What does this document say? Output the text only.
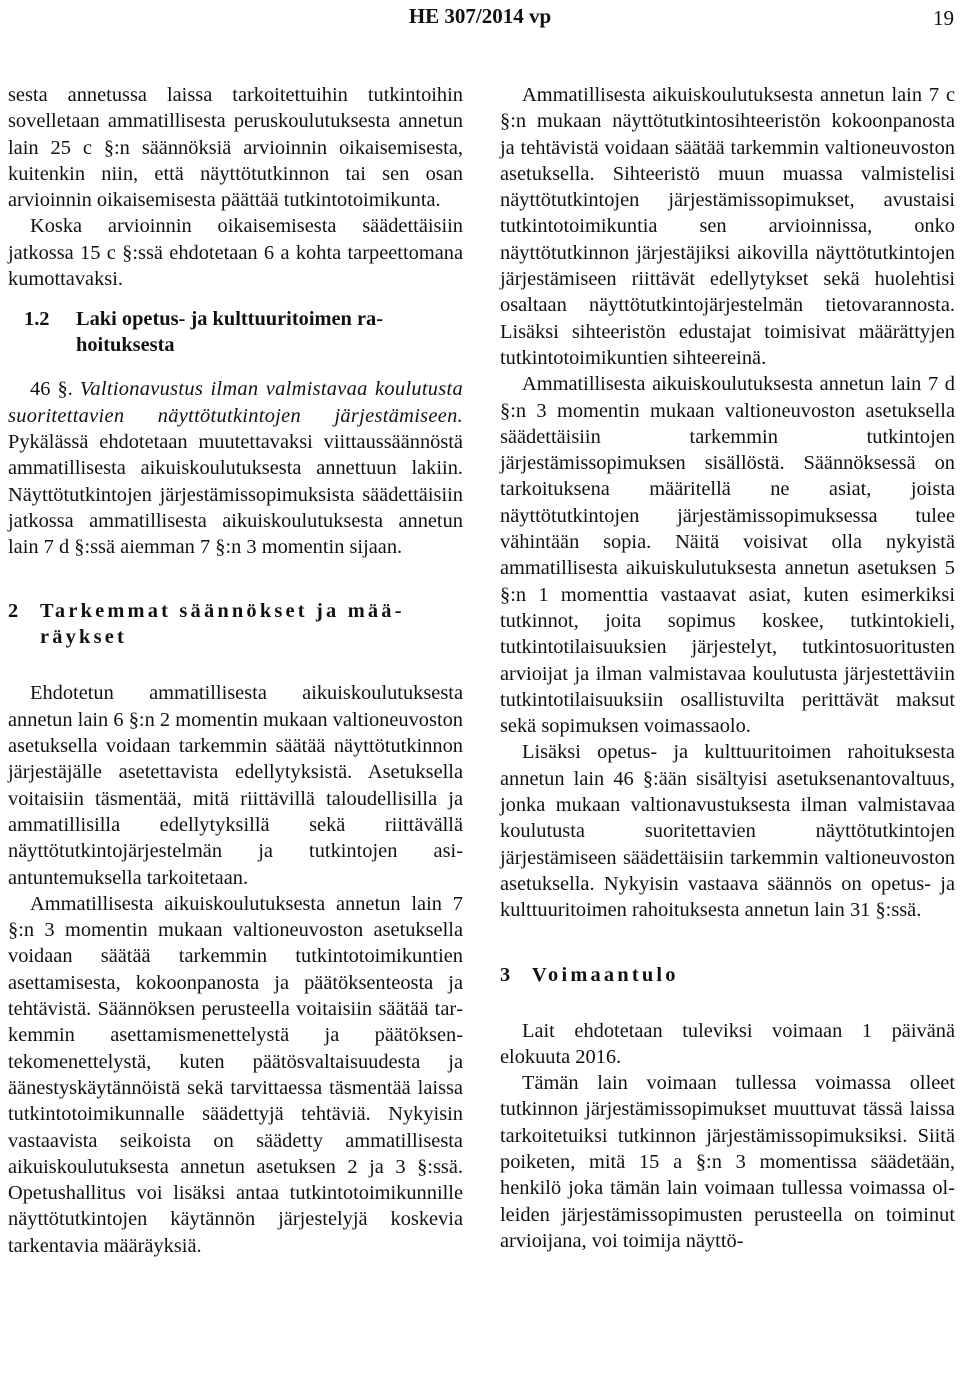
HE 307/2014 vp	19

sesta annetussa laissa tarkoitettuihin tutkintoihin sovelletaan ammatillisesta peruskoulutuksesta annetun lain 25 c §:n säännöksiä arvioinnin oikaisemisesta, kuitenkin niin, että näyttötutkinnon tai sen osan arvioinnin oikaisemisesta päättää tutkintotoimikunta.

Koska arvioinnin oikaisemisesta säädettäisiin jatkossa 15 c §:ssä ehdotetaan 6 a kohta tarpeettomana kumottavaksi.

1.2	Laki opetus- ja kulttuuritoimen rahoituksesta

46 §. Valtionavustus ilman valmistavaa koulutusta suoritettavien näyttötutkintojen järjestämiseen. Pykälässä ehdotetaan muutettavaksi viittaussäännöstä ammatillisesta aikuiskoulutuksesta annettuun lakiin. Näyttötutkintojen järjestämissopimuksista säädettäisiin jatkossa ammatillisesta aikuiskoulutuksesta annetun lain 7 d §:ssä aiemman 7 §:n 3 momentin sijaan.

2	Tarkemmat säännökset ja määräykset

Ehdotetun ammatillisesta aikuiskoulutuksesta annetun lain 6 §:n 2 momentin mukaan valtioneuvoston asetuksella voidaan tarkemmin säätää näyttötutkinnon järjestäjälle asetettavista edellytyksistä. Asetuksella voitaisiin täsmentää, mitä riittävillä taloudellisilla ja ammatillisilla edellytyksillä sekä riittävällä näyttötutkintojärjestelmän ja tutkintojen asiantuntemuksella tarkoitetaan.

Ammatillisesta aikuiskoulutuksesta annetun lain 7 §:n 3 momentin mukaan valtioneuvoston asetuksella voidaan säätää tarkemmin tutkintotoimikuntien asettamisesta, kokoonpanosta ja päätöksenteosta ja tehtävistä. Säännöksen perusteella voitaisiin säätää tarkemmin asettamismenettelystä ja päätöksentekomenettelystä, kuten päätösvaltaisuudesta ja äänestyskäytännöistä sekä tarvittaessa täsmentää laissa tutkintotoimikunnalle säädettyjä tehtäviä. Nykyisin vastaavista seikoista on säädetty ammatillisesta aikuiskoulutuksesta annetun asetuksen 2 ja 3 §:ssä. Opetushallitus voi lisäksi antaa tutkintotoimikunnille näyttötutkintojen käytännön järjestelyjä koskevia tarkentavia määräyksiä.

Ammatillisesta aikuiskoulutuksesta annetun lain 7 c §:n mukaan näyttötutkintosihteeristön kokoonpanosta ja tehtävistä voidaan säätää tarkemmin valtioneuvoston asetuksella. Sihteeristö muun muassa valmistelisi näyttötutkintojen järjestämissopimukset, avustaisi tutkintotoimikuntia sen arvioinnissa, onko näyttötutkinnon järjestäjiksi aikovilla näyttötutkintojen järjestämiseen riittävät edellytykset sekä huolehtisi osaltaan näyttötutkintojärjestelmän tietovarannosta. Lisäksi sihteeristön edustajat toimisivat määrättyjen tutkintotoimikuntien sihteereinä.

Ammatillisesta aikuiskoulutuksesta annetun lain 7 d §:n 3 momentin mukaan valtioneuvoston asetuksella säädettäisiin tarkemmin tutkintojen järjestämissopimuksen sisällöstä. Säännöksessä on tarkoituksena määritellä ne asiat, joista näyttötutkintojen järjestämissopimuksessa tulee vähintään sopia. Näitä voisivat olla nykyistä ammatillisesta aikuiskulutuksesta annetun asetuksen 5 §:n 1 momenttia vastaavat asiat, kuten esimerkiksi tutkinnot, joita sopimus koskee, tutkintokieli, tutkintotilaisuuksien järjestelyt, tutkintosuoritusten arvioijat ja ilman valmistavaa koulutusta järjestettäviin tutkintotilaisuuksiin osallistuvilta perittävät maksut sekä sopimuksen voimassaolo.

Lisäksi opetus- ja kulttuuritoimen rahoituksesta annetun lain 46 §:ään sisältyisi asetuksenantovaltuus, jonka mukaan valtionavustuksesta ilman valmistavaa koulutusta suoritettavien näyttötutkintojen järjestämiseen säädettäisiin tarkemmin valtioneuvoston asetuksella. Nykyisin vastaava säännös on opetus- ja kulttuuritoimen rahoituksesta annetun lain 31 §:ssä.

3	Voimaantulo

Lait ehdotetaan tuleviksi voimaan 1 päivänä elokuuta 2016.

Tämän lain voimaan tullessa voimassa olleet tutkinnon järjestämissopimukset muuttuvat tässä laissa tarkoitetuiksi tutkinnon järjestämissopimuksiksi. Siitä poiketen, mitä 15 a §:n 3 momentissa säädetään, henkilö joka tämän lain voimaan tullessa voimassa olleiden järjestämissopimusten perusteella on toiminut arvioijana, voi toimija näyttö-
